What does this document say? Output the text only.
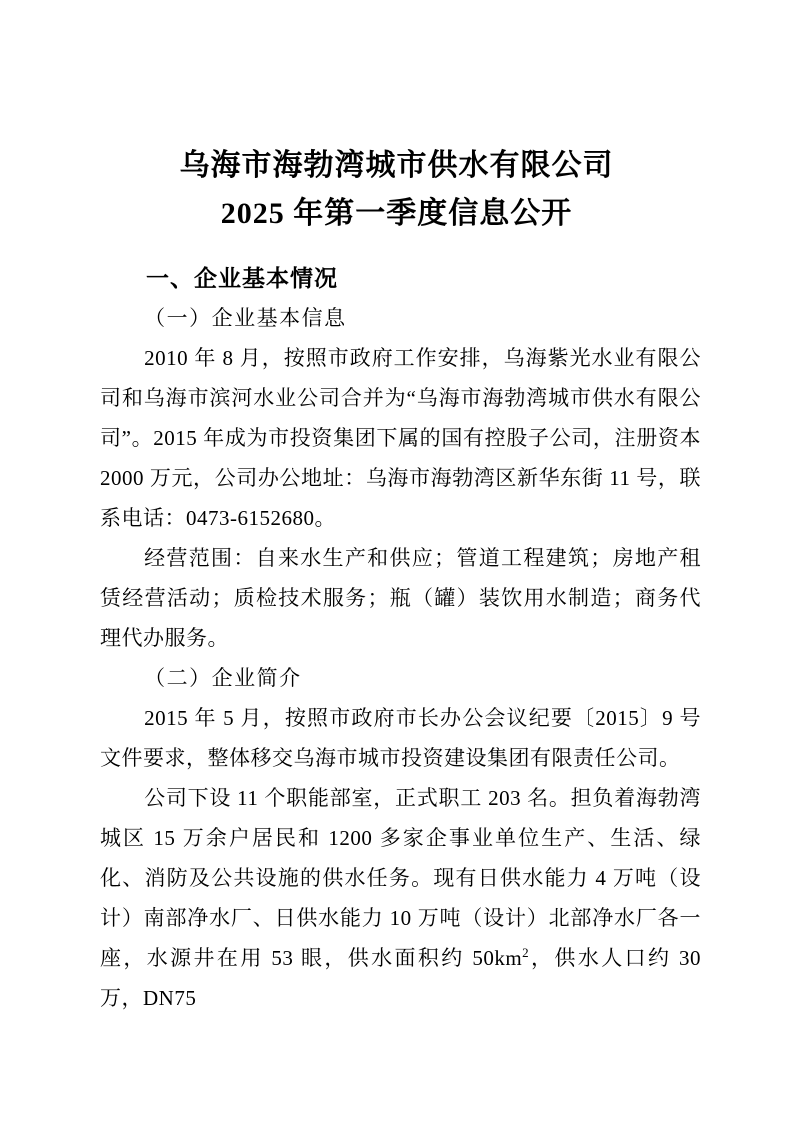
乌海市海勃湾城市供水有限公司
2025 年第一季度信息公开
一、企业基本情况
（一）企业基本信息

2010 年 8 月，按照市政府工作安排，乌海紫光水业有限公司和乌海市滨河水业公司合并为“乌海市海勃湾城市供水有限公司”。2015 年成为市投资集团下属的国有控股子公司，注册资本 2000 万元，公司办公地址：乌海市海勃湾区新华东街 11 号，联系电话：0473-6152680。

经营范围：自来水生产和供应；管道工程建筑；房地产租赁经营活动；质检技术服务；瓶（罐）装饮用水制造；商务代理代办服务。

（二）企业简介

2015 年 5 月，按照市政府市长办公会议纪要〔2015〕9 号文件要求，整体移交乌海市城市投资建设集团有限责任公司。

公司下设 11 个职能部室，正式职工 203 名。担负着海勃湾城区 15 万余户居民和 1200 多家企事业单位生产、生活、绿化、消防及公共设施的供水任务。现有日供水能力 4 万吨（设计）南部净水厂、日供水能力 10 万吨（设计）北部净水厂各一座，水源井在用 53 眼，供水面积约 $50km^2$，供水人口约 30 万，DN75
